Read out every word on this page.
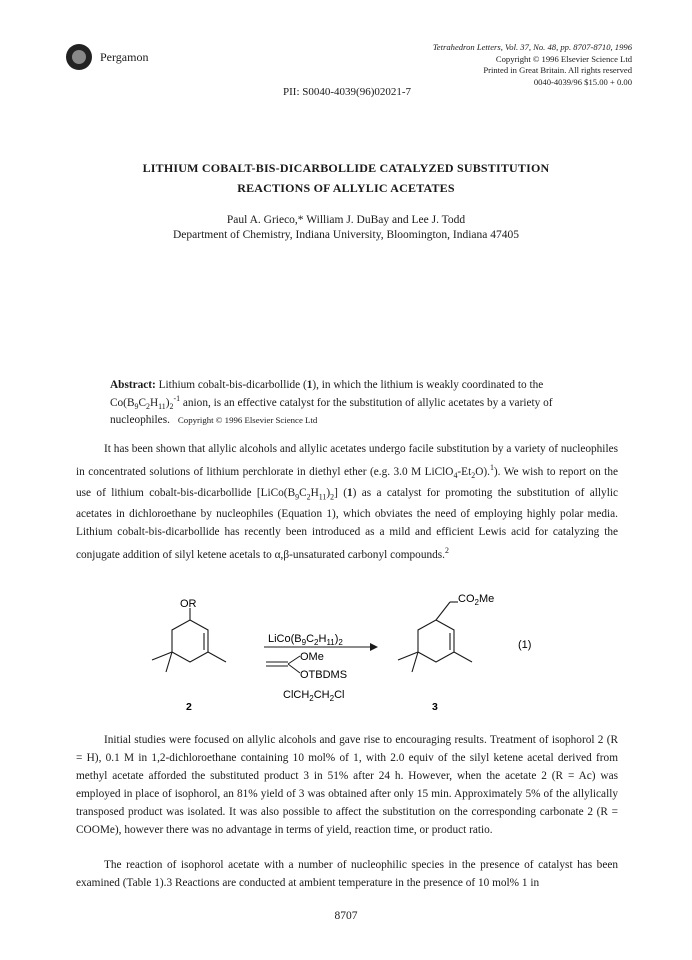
Pergamon
Tetrahedron Letters, Vol. 37, No. 48, pp. 8707-8710, 1996
Copyright © 1996 Elsevier Science Ltd
Printed in Great Britain. All rights reserved
0040-4039/96 $15.00 + 0.00
PII: S0040-4039(96)02021-7
LITHIUM COBALT-BIS-DICARBOLLIDE CATALYZED SUBSTITUTION
REACTIONS OF ALLYLIC ACETATES
Paul A. Grieco,* William J. DuBay and Lee J. Todd
Department of Chemistry, Indiana University, Bloomington, Indiana 47405
Abstract: Lithium cobalt-bis-dicarbollide (1), in which the lithium is weakly coordinated to the $Co(B_9C_2H_{11})_2^{-1}$ anion, is an effective catalyst for the substitution of allylic acetates by a variety of nucleophiles. Copyright © 1996 Elsevier Science Ltd
It has been shown that allylic alcohols and allylic acetates undergo facile substitution by a variety of nucleophiles in concentrated solutions of lithium perchlorate in diethyl ether (e.g. 3.0 M $LiClO_4-Et_2O).^1$). We wish to report on the use of lithium cobalt-bis-dicarbollide $[LiCo(B_9C_2H_{11})_2]$ (1) as a catalyst for promoting the substitution of allylic acetates in dichloroethane by nucleophiles (Equation 1), which obviates the need of employing highly polar media. Lithium cobalt-bis-dicarbollide has recently been introduced as a mild and efficient Lewis acid for catalyzing the conjugate addition of silyl ketene acetals to α,β-unsaturated carbonyl compounds.$^2$
OR
$LiCo(B_9C_2H_{11})_2$
OMe
OTBDMS
$ClCH_2CH_2Cl$
$CO_2Me$
(1)
2	3
Initial studies were focused on allylic alcohols and gave rise to encouraging results. Treatment of isophorol 2 (R = H), 0.1 M in 1,2-dichloroethane containing 10 mol% of 1, with 2.0 equiv of the silyl ketene acetal derived from methyl acetate afforded the substituted product 3 in 51% after 24 h. However, when the acetate 2 (R = Ac) was employed in place of isophorol, an 81% yield of 3 was obtained after only 15 min. Approximately 5% of the allylically transposed product was isolated. It was also possible to affect the substitution on the corresponding carbonate 2 (R = COOMe), however there was no advantage in terms of yield, reaction time, or product ratio.
The reaction of isophorol acetate with a number of nucleophilic species in the presence of catalyst has been examined (Table 1).3 Reactions are conducted at ambient temperature in the presence of 10 mol% 1 in
8707
